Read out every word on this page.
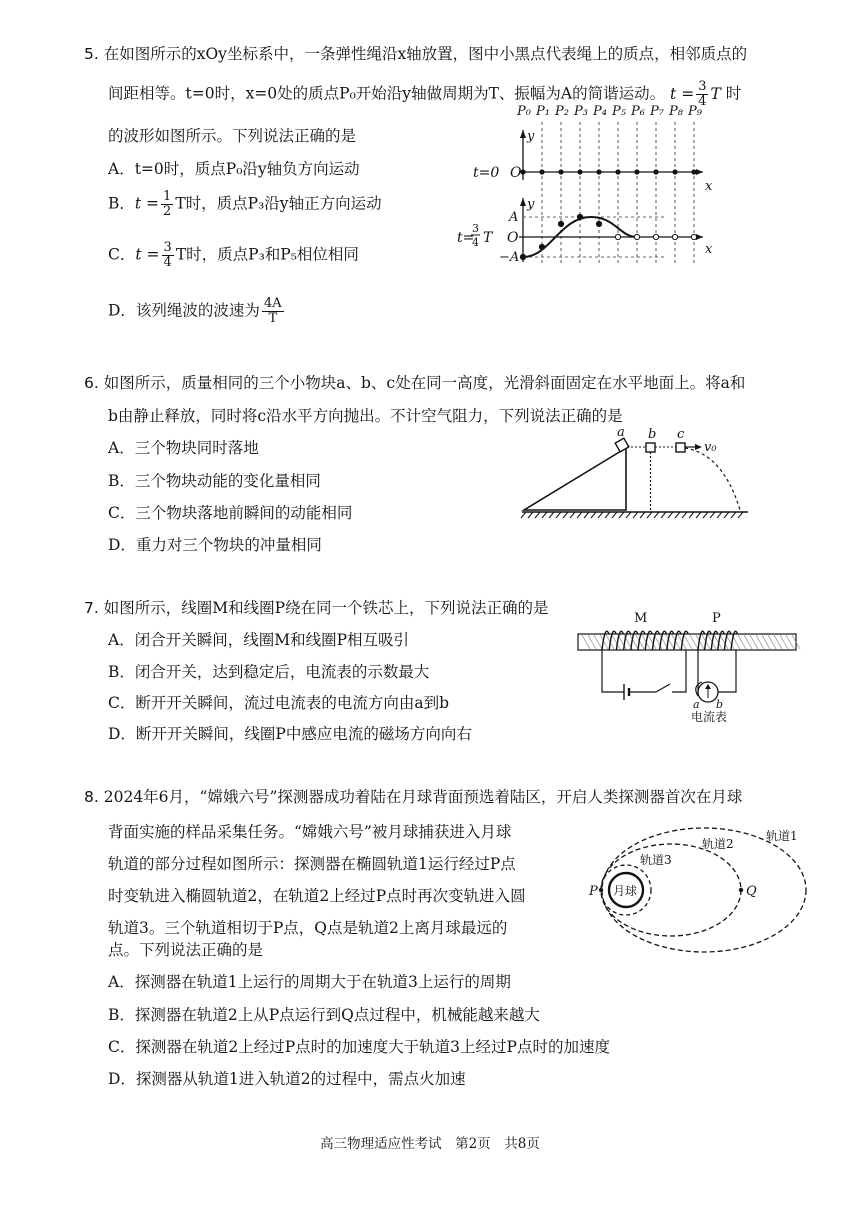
5. 在如图所示的xOy坐标系中，一条弹性绳沿x轴放置，图中小黑点代表绳上的质点，相邻质点的
间距相等。t=0时，x=0处的质点P₀开始沿y轴做周期为T、振幅为A的简谐运动。 $t = \frac{3}{4}$ T 时
的波形如图所示。下列说法正确的是
A．t=0时，质点P₀沿y轴负方向运动
B．$t = \frac{1}{2}$ T时，质点P₃沿y轴正方向运动
C．$t = \frac{3}{4}$ T时，质点P₃和P₅相位相同
D．该列绳波的波速为 $\frac{4A}{T}$
P₀ P₁ P₂ P₃ P₄ P₅ P₆ P₇ P₈ P₉
t=0 O
y
x
t=
3
4 T O
A
−A
y
x
6. 如图所示，质量相同的三个小物块a、b、c处在同一高度，光滑斜面固定在水平地面上。将a和
b由静止释放，同时将c沿水平方向抛出。不计空气阻力，下列说法正确的是
A．三个物块同时落地
B．三个物块动能的变化量相同
C．三个物块落地前瞬间的动能相同
D．重力对三个物块的冲量相同
a b c
v₀
7. 如图所示，线圈M和线圈P绕在同一个铁芯上，下列说法正确的是
A．闭合开关瞬间，线圈M和线圈P相互吸引
B．闭合开关，达到稳定后，电流表的示数最大
C．断开开关瞬间，流过电流表的电流方向由a到b
D．断开开关瞬间，线圈P中感应电流的磁场方向向右
M	P
a b
电流表
8. 2024年6月，“嫦娥六号”探测器成功着陆在月球背面预选着陆区，开启人类探测器首次在月球
背面实施的样品采集任务。“嫦娥六号”被月球捕获进入月球
轨道的部分过程如图所示：探测器在椭圆轨道1运行经过P点
时变轨进入椭圆轨道2，在轨道2上经过P点时再次变轨进入圆
轨道3。三个轨道相切于P点，Q点是轨道2上离月球最远的
点。下列说法正确的是
A．探测器在轨道1上运行的周期大于在轨道3上运行的周期
B．探测器在轨道2上从P点运行到Q点过程中，机械能越来越大
C．探测器在轨道2上经过P点时的加速度大于轨道3上经过P点时的加速度
D．探测器从轨道1进入轨道2的过程中，需点火加速
月球
P	Q
轨道3
轨道2
轨道1
高三物理适应性考试　第2页　共8页
